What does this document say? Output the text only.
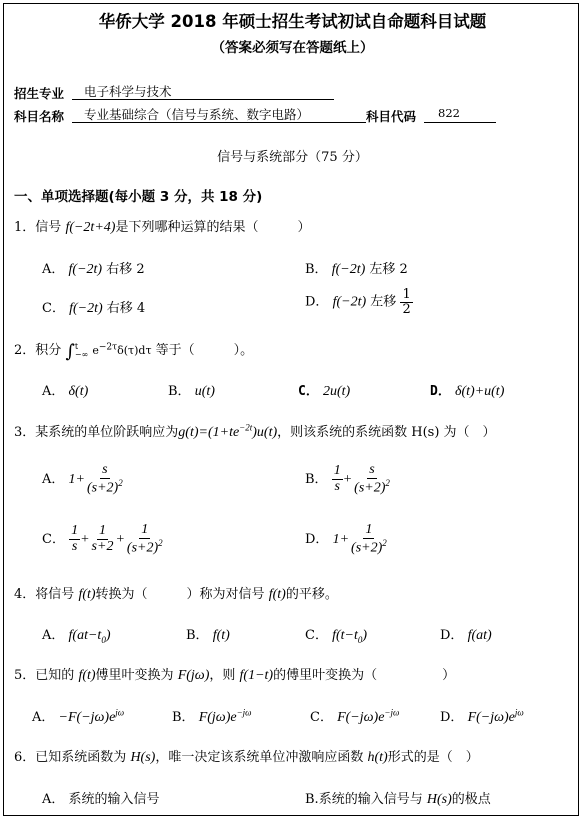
华侨大学 2018 年硕士招生考试初试自命题科目试题
（答案必须写在答题纸上）
招生专业 电子科学与技术
科目名称 专业基础综合（信号与系统、数字电路）	科目代码 822
信号与系统部分（75 分）
一、单项选择题(每小题 3 分，共 18 分)
1．信号 f(−2t+4)是下列哪种运算的结果（　　　）
A． f(−2t) 右移 2	B． f(−2t) 左移 2
C． f(−2t) 右移 4	D． f(−2t) 左移 $\frac{1}{2}$
2．积分 ∫ t
−∞ $e^{-2\tau}\delta(\tau)d\tau$ 等于（　　　）。
A． δ(t)	B． u(t)	C． 2u(t)	D． δ(t)+u(t)
3．某系统的单位阶跃响应为$g(t)=(1+te^{-2t})u(t)$，则该系统的系统函数 H(s) 为（　）
A． $1+ \frac{s}{(s+2)^2}$	B． $\frac{1}{s} + \frac{s}{(s+2)^2}$
C． $\frac{1}{s} + \frac{1}{s+2} + \frac{1}{(s+2)^2}$	D． $1+ \frac{1}{(s+2)^2}$
4．将信号 f(t)转换为（　　　）称为对信号 f(t)的平移。
A． $f(at-t_0)$	B． f(t)	C． $f(t-t_0)$	D． f(at)
5．已知的 f(t)傅里叶变换为 F(jω)，则 f(1−t)的傅里叶变换为（　　　　　）
A． $-F(-j\omega)e^{j\omega}$	B． $F(j\omega)e^{-j\omega}$	C． $F(-j\omega)e^{-j\omega}$	D． $F(-j\omega)e^{j\omega}$
6．已知系统函数为 H(s)，唯一决定该系统单位冲激响应函数 h(t)形式的是（　）
A． 系统的输入信号	B.系统的输入信号与 H(s)的极点
